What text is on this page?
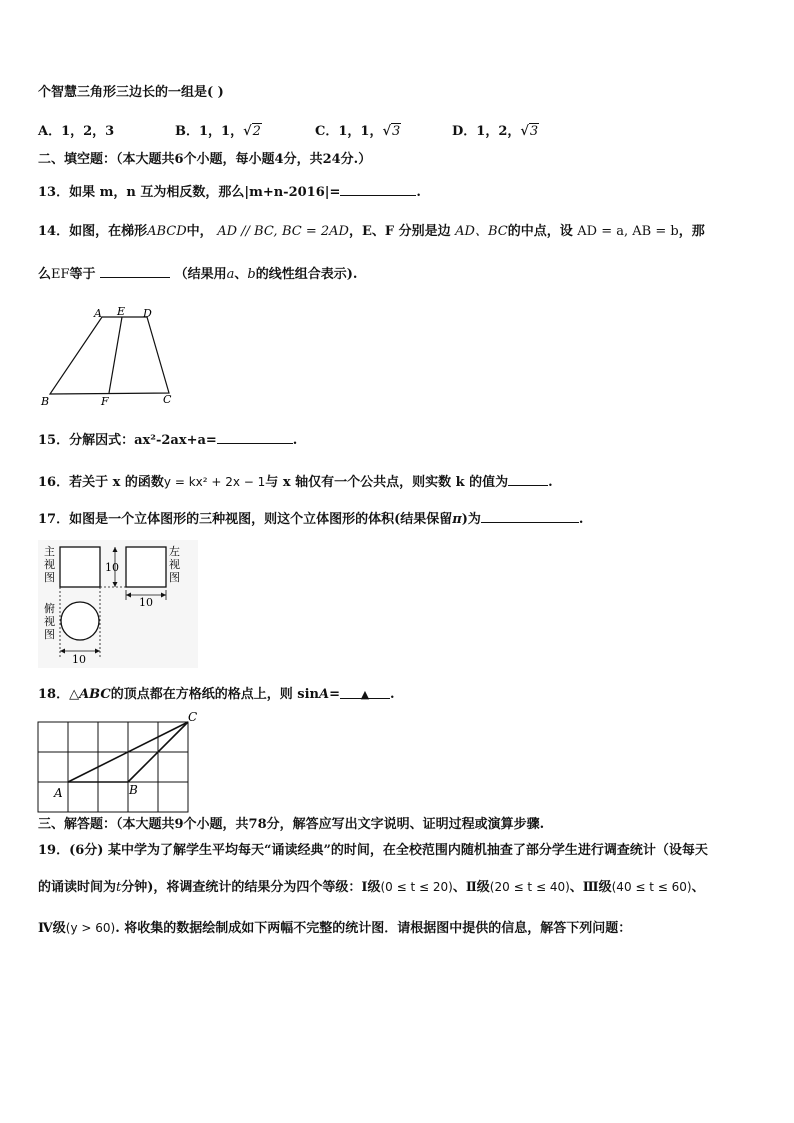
个智慧三角形三边长的一组是( )
A．1，2，3	B．1，1，√2	C．1，1，√3	D．1，2，√3
二、填空题：（本大题共6个小题，每小题4分，共24分.）
13．如果 m，n 互为相反数，那么|m+n-2016|=	.
14．如图，在梯形ABCD中， AD // BC, BC = 2AD，E、F 分别是边 AD、BC的中点，设 AD = a, AB = b，那
么EF等于	（结果用a、b的线性组合表示).
A E D
B	F	C
15．分解因式：ax²-2ax+a=	.
16．若关于 x 的函数y = kx² + 2x − 1与 x 轴仅有一个公共点，则实数 k 的值为	.
17．如图是一个立体图形的三种视图，则这个立体图形的体积(结果保留π)为	.
主
视
图
10
左
视
图
10
俯
视
图
10
18．△ABC的顶点都在方格纸的格点上，则 sinA= ▲ .
A	B
C
三、解答题：（本大题共9个小题，共78分，解答应写出文字说明、证明过程或演算步骤.
19．(6分) 某中学为了解学生平均每天“诵读经典”的时间，在全校范围内随机抽查了部分学生进行调查统计（设每天
的诵读时间为t分钟)，将调查统计的结果分为四个等级：Ⅰ级(0 ≤ t ≤ 20)、Ⅱ级(20 ≤ t ≤ 40)、Ⅲ级(40 ≤ t ≤ 60)、
Ⅳ级(y > 60). 将收集的数据绘制成如下两幅不完整的统计图．请根据图中提供的信息，解答下列问题：
